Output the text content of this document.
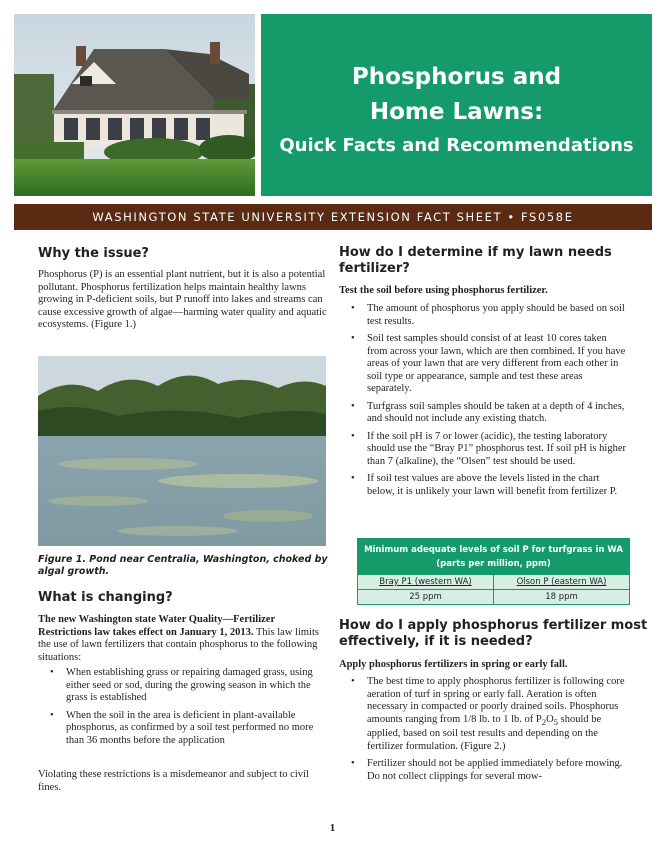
Phosphorus and
Home Lawns:
Quick Facts and Recommendations
WASHINGTON STATE UNIVERSITY EXTENSION FACT SHEET • FS058E
Why the issue?

Phosphorus (P) is an essential plant nutrient, but it is also a potential pollutant. Phosphorus fertilization helps maintain healthy lawns growing in P-deficient soils, but P runoff into lakes and streams can cause excessive growth of algae—harming water quality and aquatic ecosystems. (Figure 1.)

Figure 1. Pond near Centralia, Washington, choked by algal growth.

What is changing?

The new Washington state Water Quality—Fertilizer Restrictions law takes effect on January 1, 2013. This law limits the use of lawn fertilizers that contain phosphorus to the following situations:

• When establishing grass or repairing damaged grass, using either seed or sod, during the growing season in which the grass is established
• When the soil in the area is deficient in plant-available phosphorus, as confirmed by a soil test performed no more than 36 months before the application

Violating these restrictions is a misdemeanor and subject to civil fines.

How do I determine if my lawn needs
fertilizer?

Test the soil before using phosphorus fertilizer.

• The amount of phosphorus you apply should be based on soil test results.
• Soil test samples should consist of at least 10 cores taken from across your lawn, which are then combined. If you have areas of your lawn that are very different from each other in soil type or appearance, sample and test these areas separately.
• Turfgrass soil samples should be taken at a depth of 4 inches, and should not include any existing thatch.
• If the soil pH is 7 or lower (acidic), the testing laboratory should use the “Bray P1” phosphorus test. If soil pH is higher than 7 (alkaline), the “Olsen” test should be used.
• If soil test values are above the levels listed in the chart below, it is unlikely your lawn will benefit from fertilizer P.
Minimum adequate levels of soil P for turfgrass in WA
(parts per million, ppm)
Bray P1 (western WA)	Olson P (eastern WA)
25 ppm	18 ppm
How do I apply phosphorus fertilizer most
effectively, if it is needed?

Apply phosphorus fertilizers in spring or early fall.

• The best time to apply phosphorus fertilizer is following core aeration of turf in spring or early fall. Aeration is often necessary in compacted or poorly drained soils. Phosphorus amounts ranging from 1/8 lb. to 1 lb. of $P_2O_5$ should be applied, based on soil test results and depending on the fertilizer formulation. (Figure 2.)
• Fertilizer should not be applied immediately before mowing. Do not collect clippings for several mow-
1
